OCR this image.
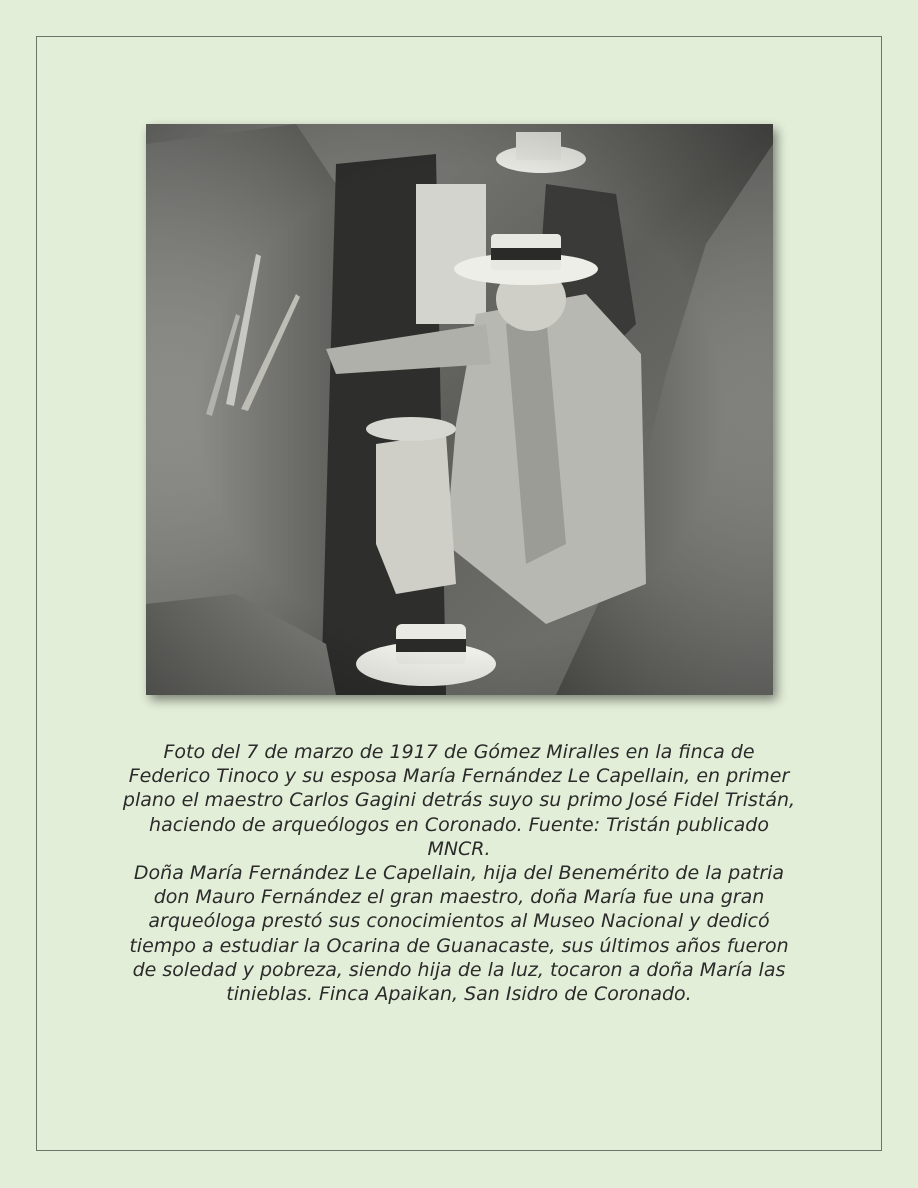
Foto del 7 de marzo de 1917 de Gómez Miralles en la finca de Federico Tinoco y su esposa María Fernández Le Capellain, en primer plano el maestro Carlos Gagini detrás suyo su primo José Fidel Tristán, haciendo de arqueólogos en Coronado. Fuente: Tristán publicado MNCR.

Doña María Fernández Le Capellain, hija del Benemérito de la patria don Mauro Fernández el gran maestro, doña María fue una gran arqueóloga prestó sus conocimientos al Museo Nacional y dedicó tiempo a estudiar la Ocarina de Guanacaste, sus últimos años fueron de soledad y pobreza, siendo hija de la luz, tocaron a doña María las tinieblas. Finca Apaikan, San Isidro de Coronado.
